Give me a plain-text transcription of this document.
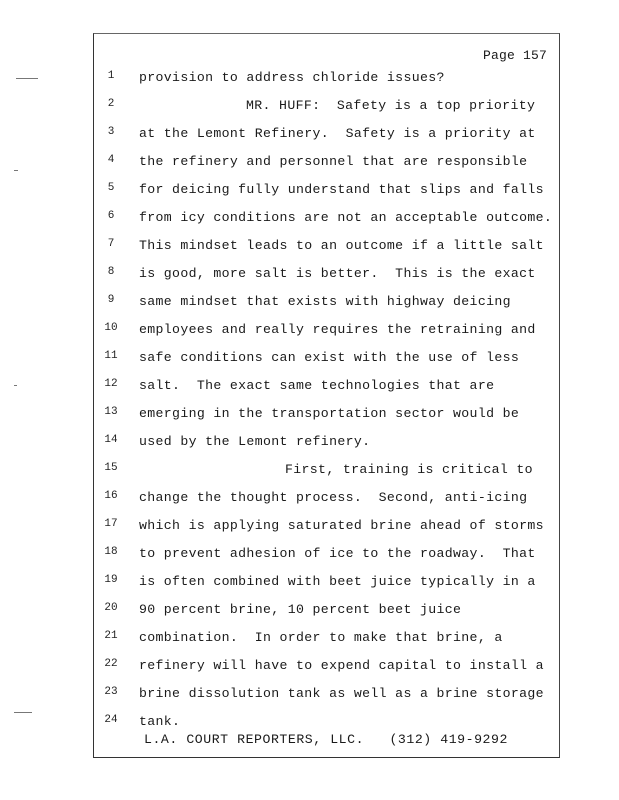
Page 157
1	provision to address chloride issues?
2	MR. HUFF:  Safety is a top priority
3	at the Lemont Refinery.  Safety is a priority at
4	the refinery and personnel that are responsible
5	for deicing fully understand that slips and falls
6	from icy conditions are not an acceptable outcome.
7	This mindset leads to an outcome if a little salt
8	is good, more salt is better.  This is the exact
9	same mindset that exists with highway deicing
10	employees and really requires the retraining and
11	safe conditions can exist with the use of less
12	salt.  The exact same technologies that are
13	emerging in the transportation sector would be
14	used by the Lemont refinery.
15	First, training is critical to
16	change the thought process.  Second, anti-icing
17	which is applying saturated brine ahead of storms
18	to prevent adhesion of ice to the roadway.  That
19	is often combined with beet juice typically in a
20	90 percent brine, 10 percent beet juice
21	combination.  In order to make that brine, a
22	refinery will have to expend capital to install a
23	brine dissolution tank as well as a brine storage
24	tank.
L.A. COURT REPORTERS, LLC.   (312) 419-9292
